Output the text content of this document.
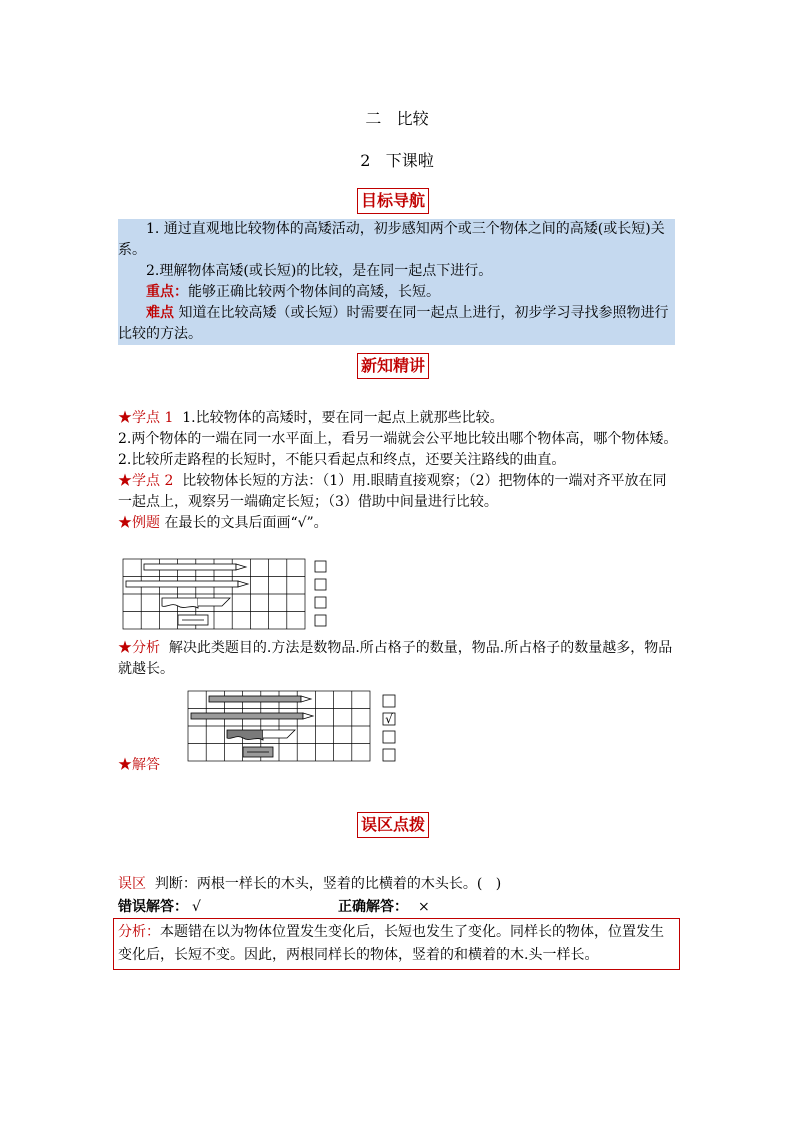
二   比较
2   下课啦
目标导航

1. 通过直观地比较物体的高矮活动，初步感知两个或三个物体之间的高矮(或长短)关系。

2.理解物体高矮(或长短)的比较，是在同一起点下进行。

重点：能够正确比较两个物体间的高矮，长短。

难点 知道在比较高矮（或长短）时需要在同一起点上进行，初步学习寻找参照物进行比较的方法。

新知精讲

★学点 1  1.比较物体的高矮时，要在同一起点上就那些比较。

2.两个物体的一端在同一水平面上，看另一端就会公平地比较出哪个物体高，哪个物体矮。

2.比较所走路程的长短时，不能只看起点和终点，还要关注路线的曲直。

★学点 2  比较物体长短的方法：（1）用.眼睛直接观察；（2）把物体的一端对齐平放在同一起点上，观察另一端确定长短；（3）借助中间量进行比较。

★例题 在最长的文具后面画“√”。

★分析  解决此类题目的.方法是数物品.所占格子的数量，物品.所占格子的数量越多，物品就越长。

√
★解答
误区点拨

误区  判断：两根一样长的木头，竖着的比横着的木头长。(   )

错误解答： √	正确解答： ×
分析：本题错在以为物体位置发生变化后，长短也发生了变化。同样长的物体，位置发生变化后，长短不变。因此，两根同样长的物体，竖着的和横着的木.头一样长。
